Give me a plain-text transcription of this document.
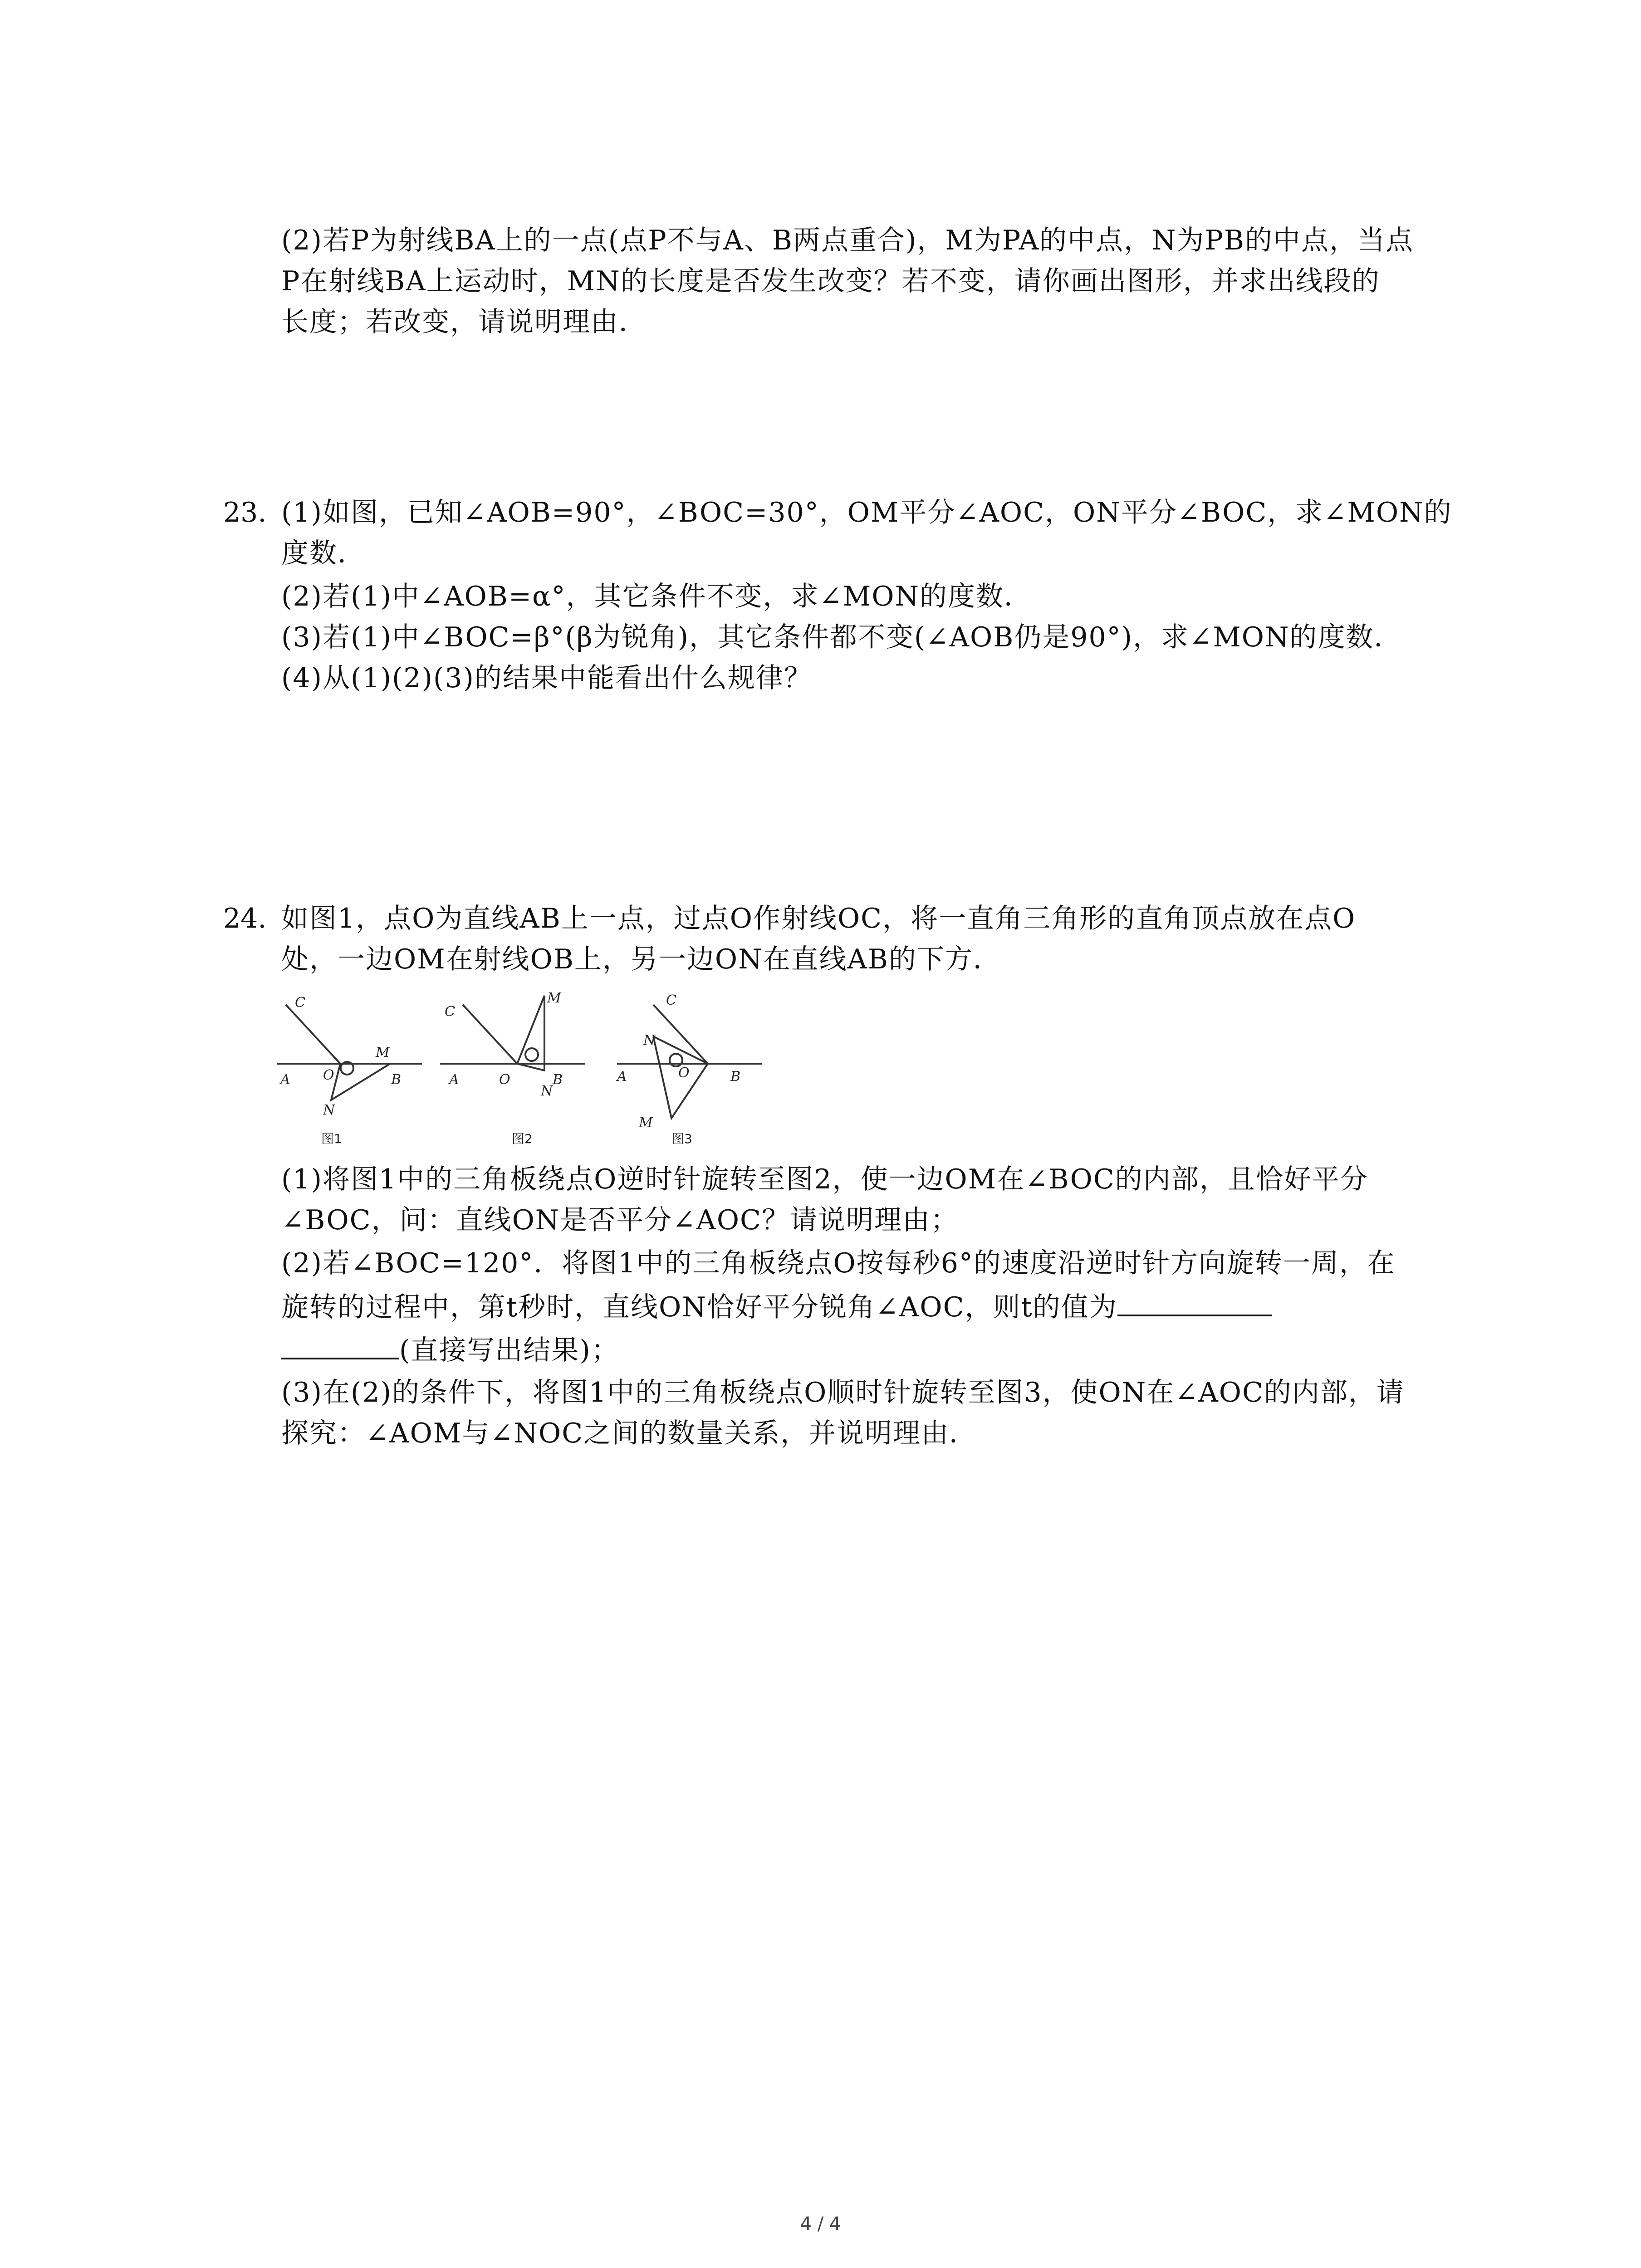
(2)若P为射线BA上的一点(点P不与A、B两点重合)，M为PA的中点，N为PB的中点，当点
P在射线BA上运动时，MN的长度是否发生改变？若不变，请你画出图形，并求出线段的
长度；若改变，请说明理由．
23. (1)如图，已知∠AOB=90°，∠BOC=30°，OM平分∠AOC，ON平分∠BOC，求∠MON的
度数．
(2)若(1)中∠AOB=α°，其它条件不变，求∠MON的度数．
(3)若(1)中∠BOC=β°(β为锐角)，其它条件都不变(∠AOB仍是90°)，求∠MON的度数．
(4)从(1)(2)(3)的结果中能看出什么规律？
24. 如图1，点O为直线AB上一点，过点O作射线OC，将一直角三角形的直角顶点放在点O
处，一边OM在射线OB上，另一边ON在直线AB的下方．
C
A O
M
B
N
图1
C
A	O
M
B
N
图2
C
A	O
N
B
M
图3
(1)将图1中的三角板绕点O逆时针旋转至图2，使一边OM在∠BOC的内部，且恰好平分
∠BOC，问：直线ON是否平分∠AOC？请说明理由；
(2)若∠BOC=120°．将图1中的三角板绕点O按每秒6°的速度沿逆时针方向旋转一周，在
旋转的过程中，第t秒时，直线ON恰好平分锐角∠AOC，则t的值为
(直接写出结果)；
(3)在(2)的条件下，将图1中的三角板绕点O顺时针旋转至图3，使ON在∠AOC的内部，请
探究：∠AOM与∠NOC之间的数量关系，并说明理由．
4 / 4
